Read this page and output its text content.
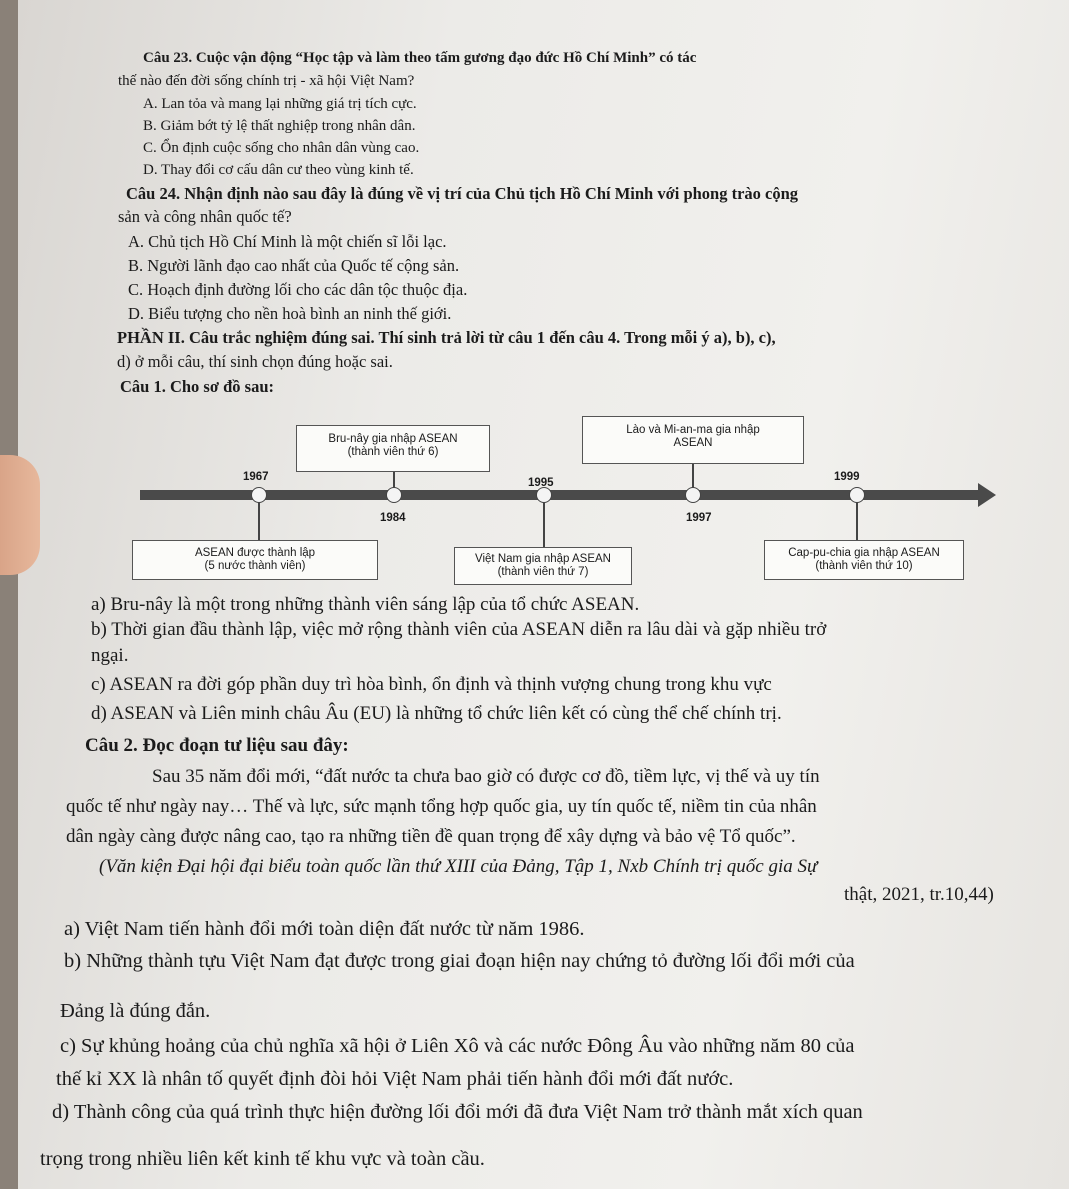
Câu 23. Cuộc vận động “Học tập và làm theo tấm gương đạo đức Hồ Chí Minh” có tác
thế nào đến đời sống chính trị - xã hội Việt Nam?
A. Lan tỏa và mang lại những giá trị tích cực.
B. Giảm bớt tỷ lệ thất nghiệp trong nhân dân.
C. Ổn định cuộc sống cho nhân dân vùng cao.
D. Thay đổi cơ cấu dân cư theo vùng kinh tế.
Câu 24. Nhận định nào sau đây là đúng về vị trí của Chủ tịch Hồ Chí Minh với phong trào cộng
sản và công nhân quốc tế?
A. Chủ tịch Hồ Chí Minh là một chiến sĩ lỗi lạc.
B. Người lãnh đạo cao nhất của Quốc tế cộng sản.
C. Hoạch định đường lối cho các dân tộc thuộc địa.
D. Biểu tượng cho nền hoà bình an ninh thế giới.
PHẦN II. Câu trắc nghiệm đúng sai. Thí sinh trả lời từ câu 1 đến câu 4. Trong mỗi ý a), b), c),
d) ở mỗi câu, thí sinh chọn đúng hoặc sai.
Câu 1. Cho sơ đồ sau:
Bru-nây gia nhập ASEAN
(thành viên thứ 6)
Lào và Mi-an-ma gia nhập
ASEAN
1967
1984
1995
1997
1999
ASEAN được thành lập
(5 nước thành viên)
Việt Nam gia nhập ASEAN
(thành viên thứ 7)
Cap-pu-chia gia nhập ASEAN
(thành viên thứ 10)
a) Bru-nây là một trong những thành viên sáng lập của tổ chức ASEAN.
b) Thời gian đầu thành lập, việc mở rộng thành viên của ASEAN diễn ra lâu dài và gặp nhiều trở
ngại.
c) ASEAN ra đời góp phần duy trì hòa bình, ổn định và thịnh vượng chung trong khu vực
d) ASEAN và Liên minh châu Âu (EU) là những tổ chức liên kết có cùng thể chế chính trị.
Câu 2. Đọc đoạn tư liệu sau đây:
Sau 35 năm đổi mới, “đất nước ta chưa bao giờ có được cơ đồ, tiềm lực, vị thế và uy tín
quốc tế như ngày nay… Thế và lực, sức mạnh tổng hợp quốc gia, uy tín quốc tế, niềm tin của nhân
dân ngày càng được nâng cao, tạo ra những tiền đề quan trọng để xây dựng và bảo vệ Tổ quốc”.
(Văn kiện Đại hội đại biểu toàn quốc lần thứ XIII của Đảng, Tập 1, Nxb Chính trị quốc gia Sự
thật, 2021, tr.10,44)
a) Việt Nam tiến hành đổi mới toàn diện đất nước từ năm 1986.
b) Những thành tựu Việt Nam đạt được trong giai đoạn hiện nay chứng tỏ đường lối đổi mới của
Đảng là đúng đắn.
c) Sự khủng hoảng của chủ nghĩa xã hội ở Liên Xô và các nước Đông Âu vào những năm 80 của
thế kỉ XX là nhân tố quyết định đòi hỏi Việt Nam phải tiến hành đổi mới đất nước.
d) Thành công của quá trình thực hiện đường lối đổi mới đã đưa Việt Nam trở thành mắt xích quan
trọng trong nhiều liên kết kinh tế khu vực và toàn cầu.
